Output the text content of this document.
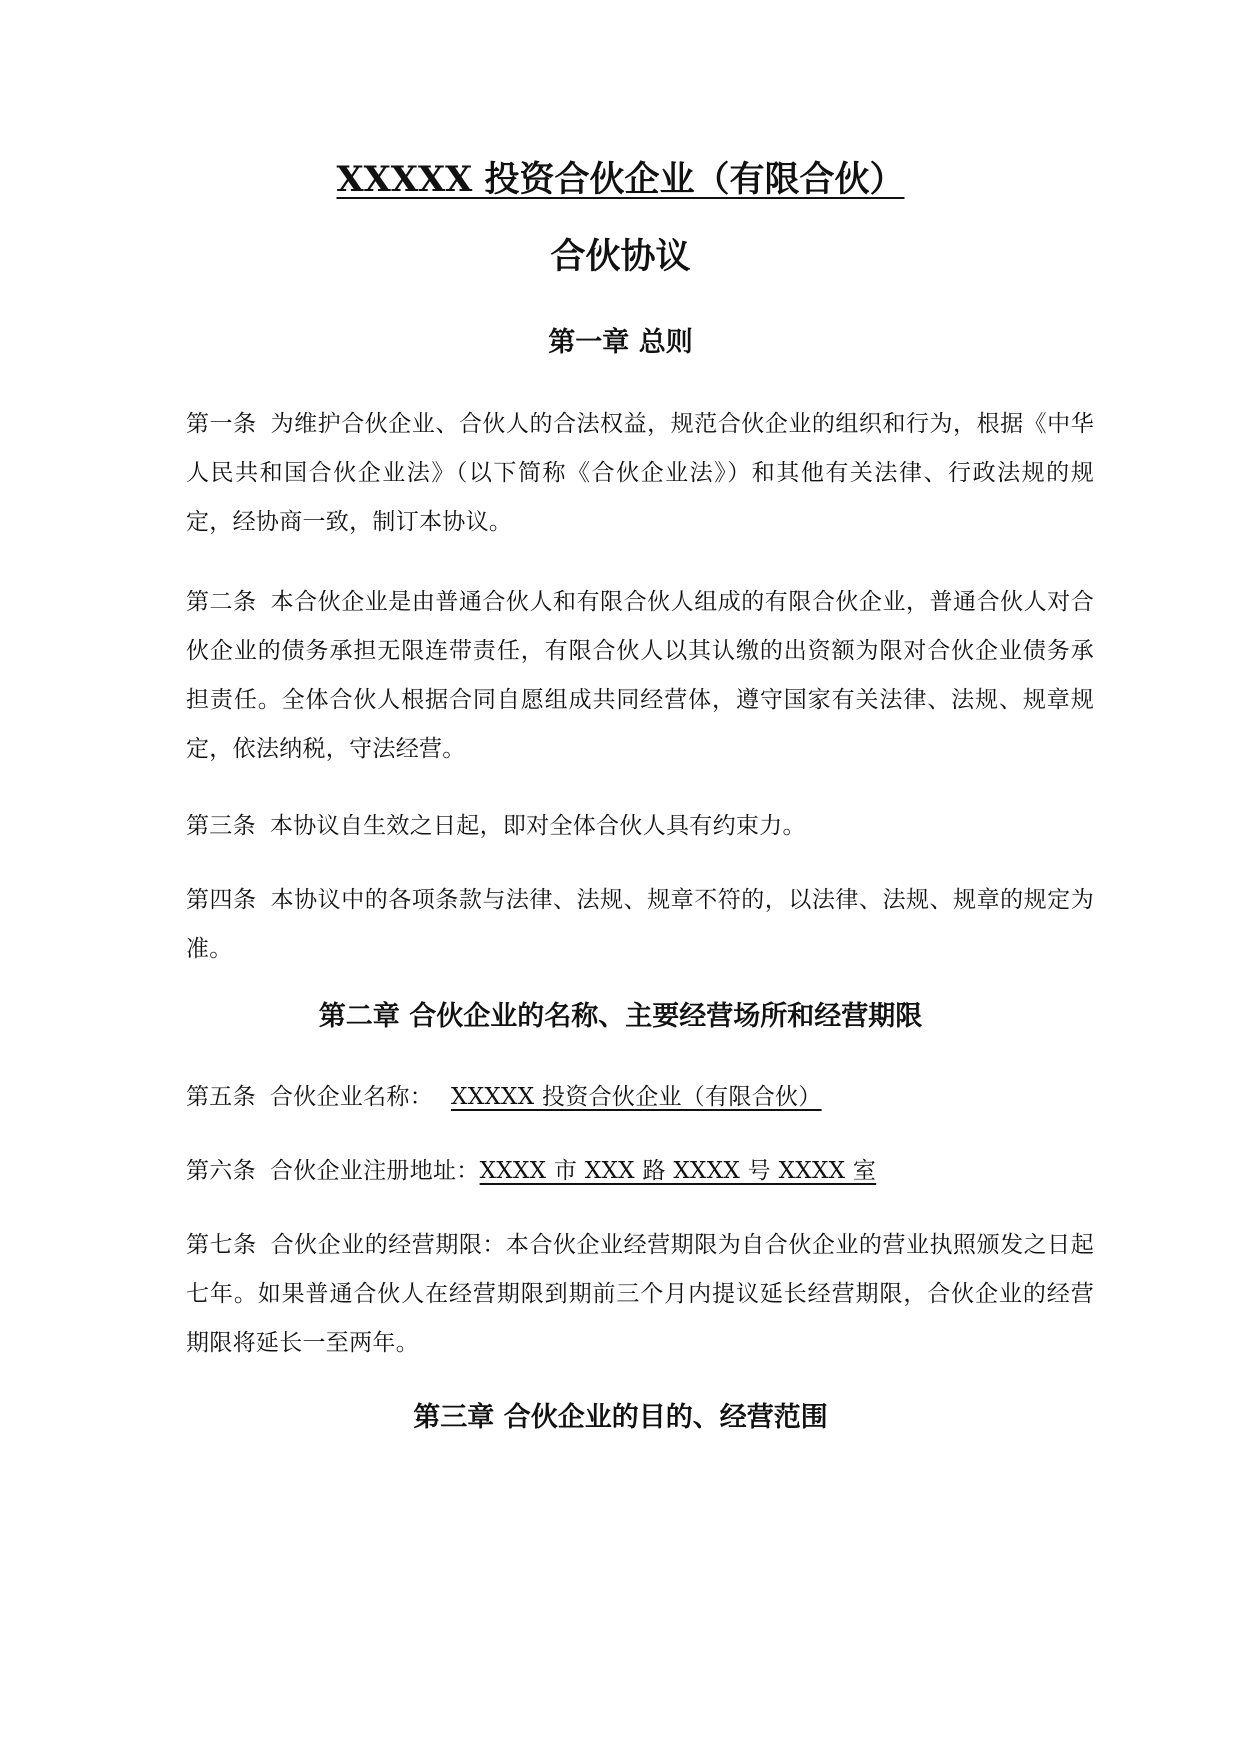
XXXXX 投资合伙企业（有限合伙）
合伙协议
第一章 总则

第一条 为维护合伙企业、合伙人的合法权益，规范合伙企业的组织和行为，根据《中华人民共和国合伙企业法》（以下简称《合伙企业法》）和其他有关法律、行政法规的规定，经协商一致，制订本协议。

第二条 本合伙企业是由普通合伙人和有限合伙人组成的有限合伙企业，普通合伙人对合伙企业的债务承担无限连带责任，有限合伙人以其认缴的出资额为限对合伙企业债务承担责任。全体合伙人根据合同自愿组成共同经营体，遵守国家有关法律、法规、规章规定，依法纳税，守法经营。

第三条 本协议自生效之日起，即对全体合伙人具有约束力。

第四条 本协议中的各项条款与法律、法规、规章不符的，以法律、法规、规章的规定为准。

第二章 合伙企业的名称、主要经营场所和经营期限

第五条 合伙企业名称： XXXXX 投资合伙企业（有限合伙）

第六条 合伙企业注册地址：XXXX 市 XXX 路 XXXX 号 XXXX 室

第七条 合伙企业的经营期限：本合伙企业经营期限为自合伙企业的营业执照颁发之日起七年。如果普通合伙人在经营期限到期前三个月内提议延长经营期限，合伙企业的经营期限将延长一至两年。

第三章 合伙企业的目的、经营范围
